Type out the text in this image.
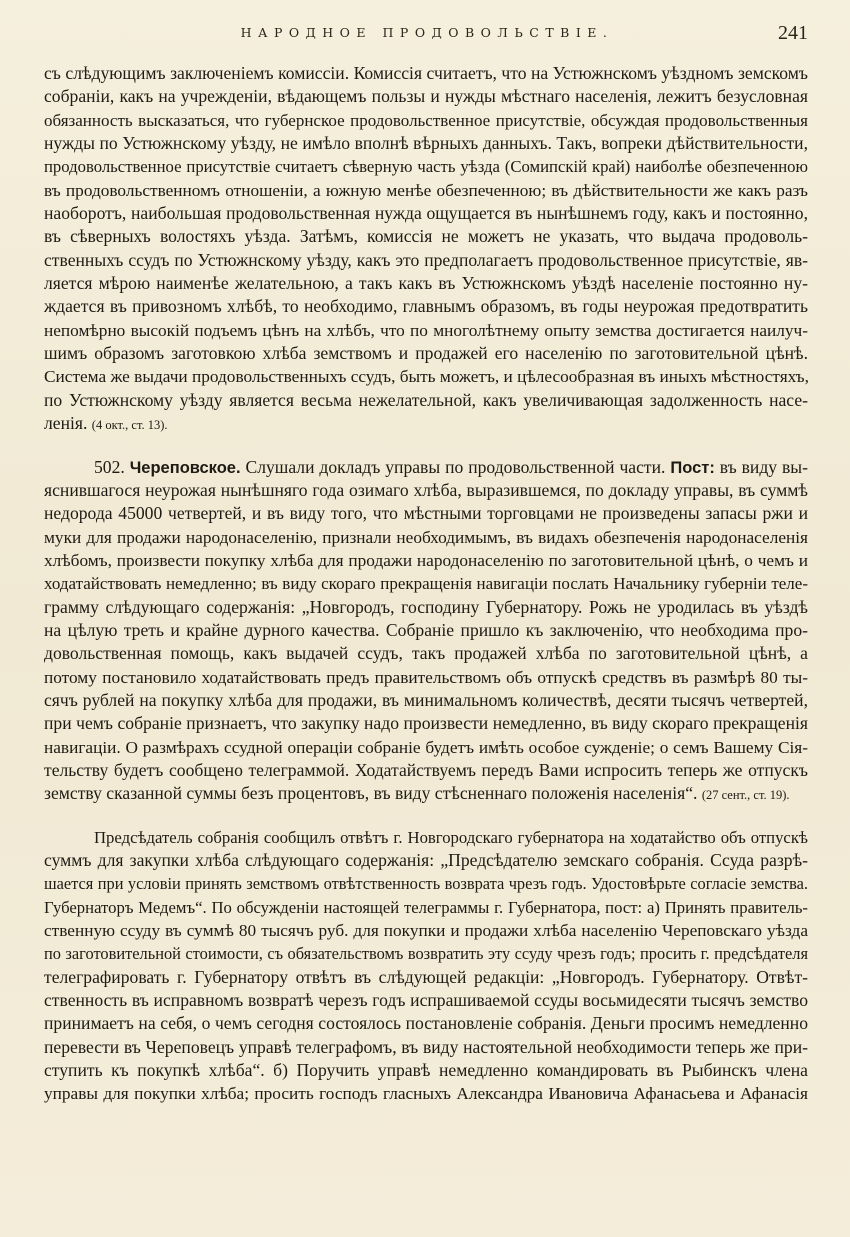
НАРОДНОЕ ПРОДОВОЛЬСТВІЕ.	241
съ слѣдующимъ заключеніемъ комиссіи. Комиссія считаетъ, что на Устюжнскомъ уѣздномъ земскомъ
собраніи, какъ на учрежденіи, вѣдающемъ пользы и нужды мѣстнаго населенія, лежитъ безусловная
обязанность высказаться, что губернское продовольственное присутствіе, обсуждая продовольственныя
нужды по Устюжнскому уѣзду, не имѣло вполнѣ вѣрныхъ данныхъ. Такъ, вопреки дѣйствительности,
продовольственное присутствіе считаетъ сѣверную часть уѣзда (Сомипскій край) наиболѣе обезпеченною
въ продовольственномъ отношеніи, а южную менѣе обезпеченною; въ дѣйствительности же какъ разъ
наоборотъ, наибольшая продовольственная нужда ощущается въ нынѣшнемъ году, какъ и постоянно,
въ сѣверныхъ волостяхъ уѣзда. Затѣмъ, комиссія не можетъ не указать, что выдача продоволь-
ственныхъ ссудъ по Устюжнскому уѣзду, какъ это предполагаетъ продовольственное присутствіе, яв-
ляется мѣрою наименѣе желательною, а такъ какъ въ Устюжнскомъ уѣздѣ населеніе постоянно ну-
ждается въ привозномъ хлѣбѣ, то необходимо, главнымъ образомъ, въ годы неурожая предотвратить
непомѣрно высокій подъемъ цѣнъ на хлѣбъ, что по многолѣтнему опыту земства достигается наилуч-
шимъ образомъ заготовкою хлѣба земствомъ и продажей его населенію по заготовительной цѣнѣ.
Система же выдачи продовольственныхъ ссудъ, быть можетъ, и цѣлесообразная въ иныхъ мѣстностяхъ,
по Устюжнскому уѣзду является весьма нежелательной, какъ увеличивающая задолженность насе-
ленія. (4 окт., ст. 13).
502. Череповское. Слушали докладъ управы по продовольственной части. Пост: въ виду вы-
яснившагося неурожая нынѣшняго года озимаго хлѣба, выразившемся, по докладу управы, въ суммѣ
недорода 45000 четвертей, и въ виду того, что мѣстными торговцами не произведены запасы ржи и
муки для продажи народонаселенію, признали необходимымъ, въ видахъ обезпеченія народонаселенія
хлѣбомъ, произвести покупку хлѣба для продажи народонаселенію по заготовительной цѣнѣ, о чемъ и
ходатайствовать немедленно; въ виду скораго прекращенія навигаціи послать Начальнику губерніи теле-
грамму слѣдующаго содержанія: „Новгородъ, господину Губернатору. Рожь не уродилась въ уѣздѣ
на цѣлую треть и крайне дурного качества. Собраніе пришло къ заключенію, что необходима про-
довольственная помощь, какъ выдачей ссудъ, такъ продажей хлѣба по заготовительной цѣнѣ, а
потому постановило ходатайствовать предъ правительствомъ объ отпускѣ средствъ въ размѣрѣ 80 ты-
сячъ рублей на покупку хлѣба для продажи, въ минимальномъ количествѣ, десяти тысячъ четвертей,
при чемъ собраніе признаетъ, что закупку надо произвести немедленно, въ виду скораго прекращенія
навигаціи. О размѣрахъ ссудной операціи собраніе будетъ имѣть особое сужденіе; о семъ Вашему Сія-
тельству будетъ сообщено телеграммой. Ходатайствуемъ передъ Вами испросить теперь же отпускъ
земству сказанной суммы безъ процентовъ, въ виду стѣсненнаго положенія населенія“. (27 сент., ст. 19).
Предсѣдатель собранія сообщилъ отвѣтъ г. Новгородскаго губернатора на ходатайство объ отпускѣ
суммъ для закупки хлѣба слѣдующаго содержанія: „Предсѣдателю земскаго собранія. Ссуда разрѣ-
шается при условіи принять земствомъ отвѣтственность возврата чрезъ годъ. Удостовѣрьте согласіе земства.
Губернаторъ Медемъ“. По обсужденіи настоящей телеграммы г. Губернатора, пост: а) Принять правитель-
ственную ссуду въ суммѣ 80 тысячъ руб. для покупки и продажи хлѣба населенію Череповскаго уѣзда
по заготовительной стоимости, съ обязательствомъ возвратить эту ссуду чрезъ годъ; просить г. предсѣдателя
телеграфировать г. Губернатору отвѣтъ въ слѣдующей редакціи: „Новгородъ. Губернатору. Отвѣт-
ственность въ исправномъ возвратѣ черезъ годъ испрашиваемой ссуды восьмидесяти тысячъ земство
принимаетъ на себя, о чемъ сегодня состоялось постановленіе собранія. Деньги просимъ немедленно
перевести въ Череповецъ управѣ телеграфомъ, въ виду настоятельной необходимости теперь же при-
ступить къ покупкѣ хлѣба“. б) Поручить управѣ немедленно командировать въ Рыбинскъ члена
управы для покупки хлѣба; просить господъ гласныхъ Александра Ивановича Афанасьева и Афанасія
